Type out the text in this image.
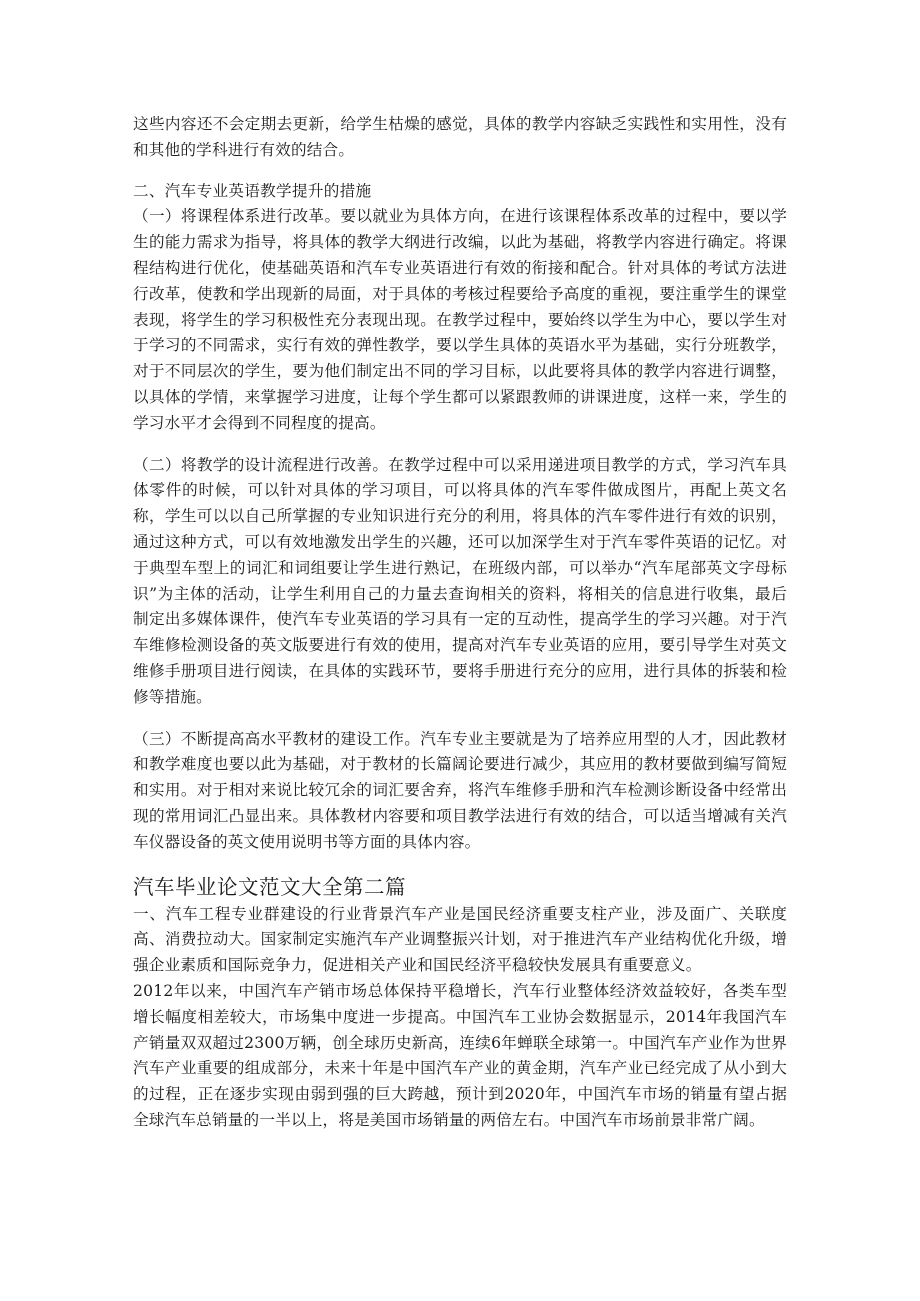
这些内容还不会定期去更新，给学生枯燥的感觉，具体的教学内容缺乏实践性和实用性，没有和其他的学科进行有效的结合。

二、汽车专业英语教学提升的措施

（一）将课程体系进行改革。要以就业为具体方向，在进行该课程体系改革的过程中，要以学生的能力需求为指导，将具体的教学大纲进行改编，以此为基础，将教学内容进行确定。将课程结构进行优化，使基础英语和汽车专业英语进行有效的衔接和配合。针对具体的考试方法进行改革，使教和学出现新的局面，对于具体的考核过程要给予高度的重视，要注重学生的课堂表现，将学生的学习积极性充分表现出现。在教学过程中，要始终以学生为中心，要以学生对于学习的不同需求，实行有效的弹性教学，要以学生具体的英语水平为基础，实行分班教学，对于不同层次的学生，要为他们制定出不同的学习目标，以此要将具体的教学内容进行调整，以具体的学情，来掌握学习进度，让每个学生都可以紧跟教师的讲课进度，这样一来，学生的学习水平才会得到不同程度的提高。

（二）将教学的设计流程进行改善。在教学过程中可以采用递进项目教学的方式，学习汽车具体零件的时候，可以针对具体的学习项目，可以将具体的汽车零件做成图片，再配上英文名称，学生可以以自己所掌握的专业知识进行充分的利用，将具体的汽车零件进行有效的识别，通过这种方式，可以有效地激发出学生的兴趣，还可以加深学生对于汽车零件英语的记忆。对于典型车型上的词汇和词组要让学生进行熟记，在班级内部，可以举办“汽车尾部英文字母标识”为主体的活动，让学生利用自己的力量去查询相关的资料，将相关的信息进行收集，最后制定出多媒体课件，使汽车专业英语的学习具有一定的互动性，提高学生的学习兴趣。对于汽车维修检测设备的英文版要进行有效的使用，提高对汽车专业英语的应用，要引导学生对英文维修手册项目进行阅读，在具体的实践环节，要将手册进行充分的应用，进行具体的拆装和检修等措施。

（三）不断提高高水平教材的建设工作。汽车专业主要就是为了培养应用型的人才，因此教材和教学难度也要以此为基础，对于教材的长篇阔论要进行减少，其应用的教材要做到编写简短和实用。对于相对来说比较冗余的词汇要舍弃，将汽车维修手册和汽车检测诊断设备中经常出现的常用词汇凸显出来。具体教材内容要和项目教学法进行有效的结合，可以适当增减有关汽车仪器设备的英文使用说明书等方面的具体内容。

汽车毕业论文范文大全第二篇

一、汽车工程专业群建设的行业背景汽车产业是国民经济重要支柱产业，涉及面广、关联度高、消费拉动大。国家制定实施汽车产业调整振兴计划，对于推进汽车产业结构优化升级，增强企业素质和国际竞争力，促进相关产业和国民经济平稳较快发展具有重要意义。

2012年以来，中国汽车产销市场总体保持平稳增长，汽车行业整体经济效益较好，各类车型增长幅度相差较大，市场集中度进一步提高。中国汽车工业协会数据显示，2014年我国汽车产销量双双超过2300万辆，创全球历史新高，连续6年蝉联全球第一。中国汽车产业作为世界汽车产业重要的组成部分，未来十年是中国汽车产业的黄金期，汽车产业已经完成了从小到大的过程，正在逐步实现由弱到强的巨大跨越，预计到2020年，中国汽车市场的销量有望占据全球汽车总销量的一半以上，将是美国市场销量的两倍左右。中国汽车市场前景非常广阔。
